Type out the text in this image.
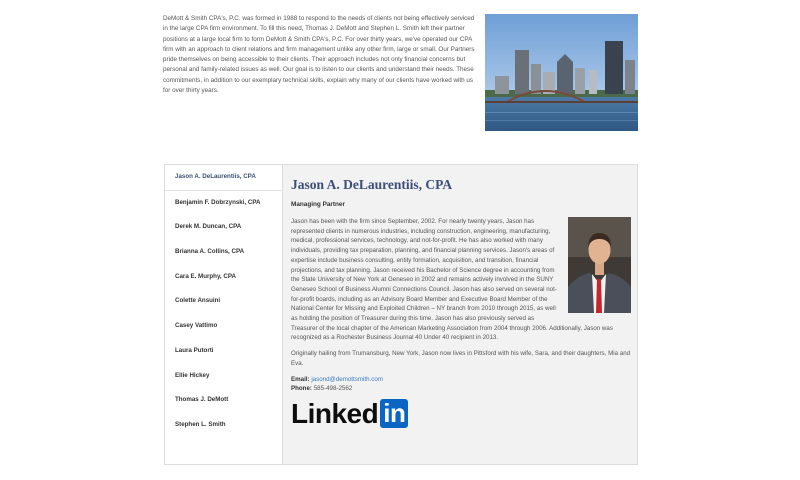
DeMott & Smith CPA's, P.C. was formed in 1988 to respond to the needs of clients not being effectively serviced in the large CPA firm environment. To fill this need, Thomas J. DeMott and Stephen L. Smith left their partner positions at a large local firm to form DeMott & Smith CPA's, P.C. For over thirty years, we've operated our CPA firm with an approach to client relations and firm management unlike any other firm, large or small. Our Partners pride themselves on being accessible to their clients. Their approach includes not only financial concerns but personal and family-related issues as well. Our goal is to listen to our clients and understand their needs. These commitments, in addition to our exemplary technical skills, explain why many of our clients have worked with us for over thirty years.
Jason A. DeLaurentiis, CPA
Benjamin F. Dobrzynski, CPA
Derek M. Duncan, CPA
Brianna A. Collins, CPA
Cara E. Murphy, CPA
Colette Ansuini
Casey Vattimo
Laura Putorti
Ellie Hickey
Thomas J. DeMott
Stephen L. Smith
Jason A. DeLaurentiis, CPA
Managing Partner

Jason has been with the firm since September, 2002. For nearly twenty years, Jason has represented clients in numerous industries, including construction, engineering, manufacturing, medical, professional services, technology, and not-for-profit. He has also worked with many individuals, providing tax preparation, planning, and financial planning services. Jason's areas of expertise include business consulting, entity formation, acquisition, and transition, financial projections, and tax planning. Jason received his Bachelor of Science degree in accounting from the State University of New York at Geneseo in 2002 and remains actively involved in the SUNY Geneseo School of Business Alumni Connections Council. Jason has also served on several not-for-profit boards, including as an Advisory Board Member and Executive Board Member of the National Center for Missing and Exploited Children – NY branch from 2010 through 2015, as well as holding the position of Treasurer during this time. Jason has also previously served as Treasurer of the local chapter of the American Marketing Association from 2004 through 2006. Additionally, Jason was recognized as a Rochester Business Journal 40 Under 40 recipient in 2013.

Originally hailing from Trumansburg, New York, Jason now lives in Pittsford with his wife, Sara, and their daughters, Mia and Eva.

Email: jasond@demottsmith.com
Phone: 585-498-2562
Linked in
